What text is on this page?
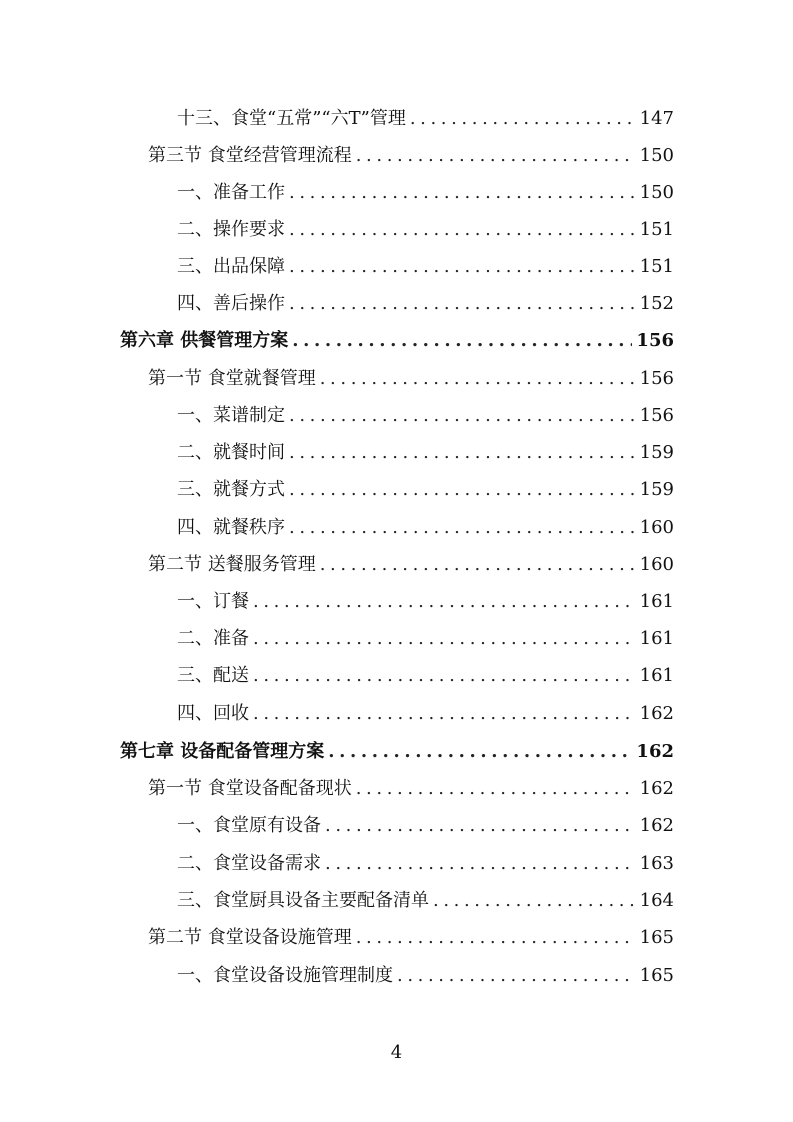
十三、食堂“五常”“六T”管理 .....	147
第三节 食堂经营管理流程 .....	150
一、准备工作 .....	150
二、操作要求 .....	151
三、出品保障 .....	151
四、善后操作 .....	152
第六章 供餐管理方案 .....	156
第一节 食堂就餐管理 .....	156
一、菜谱制定 .....	156
二、就餐时间 .....	159
三、就餐方式 .....	159
四、就餐秩序 .....	160
第二节 送餐服务管理 .....	160
一、订餐 .....	161
二、准备 .....	161
三、配送 .....	161
四、回收 .....	162
第七章 设备配备管理方案 .....	162
第一节 食堂设备配备现状 .....	162
一、食堂原有设备 .....	162
二、食堂设备需求 .....	163
三、食堂厨具设备主要配备清单 .....	164
第二节 食堂设备设施管理 .....	165
一、食堂设备设施管理制度 .....	165
4
